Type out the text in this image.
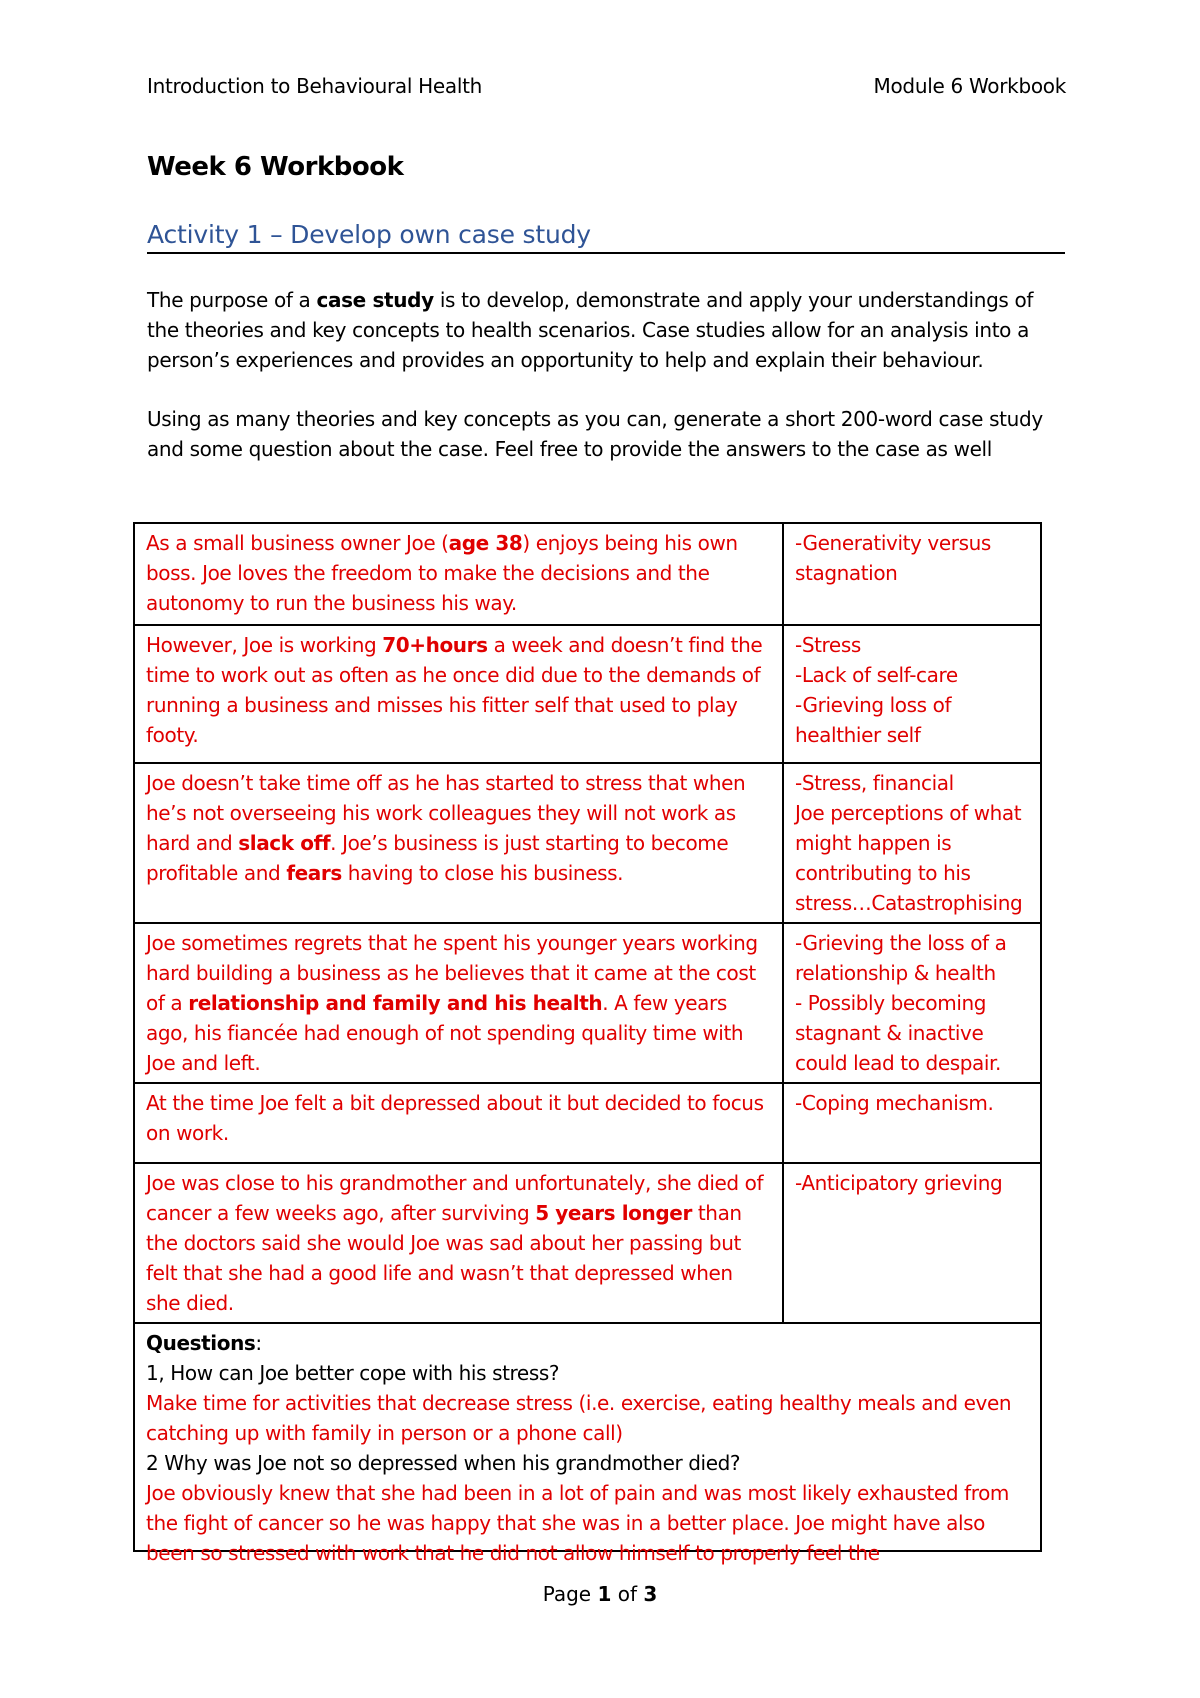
Introduction to Behavioural Health	Module 6 Workbook
Week 6 Workbook
Activity 1 – Develop own case study
The purpose of a case study is to develop, demonstrate and apply your understandings of the theories and key concepts to health scenarios. Case studies allow for an analysis into a person’s experiences and provides an opportunity to help and explain their behaviour.
Using as many theories and key concepts as you can, generate a short 200-word case study and some question about the case. Feel free to provide the answers to the case as well
As a small business owner Joe (age 38) enjoys being his own boss. Joe loves the freedom to make the decisions and the autonomy to run the business his way.	-Generativity versus stagnation
However, Joe is working 70+hours a week and doesn’t find the time to work out as often as he once did due to the demands of running a business and misses his fitter self that used to play footy.	-Stress
-Lack of self-care
-Grieving loss of healthier self

Joe doesn’t take time off as he has started to stress that when he’s not overseeing his work colleagues they will not work as hard and slack off. Joe’s business is just starting to become profitable and fears having to close his business.	-Stress, financial
Joe perceptions of what might happen is contributing to his stress…Catastrophising

Joe sometimes regrets that he spent his younger years working hard building a business as he believes that it came at the cost of a relationship and family and his health. A few years ago, his fiancée had enough of not spending quality time with Joe and left.	-Grieving the loss of a relationship & health
- Possibly becoming stagnant & inactive could lead to despair.

At the time Joe felt a bit depressed about it but decided to focus on work.	-Coping mechanism.
Joe was close to his grandmother and unfortunately, she died of cancer a few weeks ago, after surviving 5 years longer than the doctors said she would Joe was sad about her passing but felt that she had a good life and wasn’t that depressed when she died.	-Anticipatory grieving

Questions:
1, How can Joe better cope with his stress?
Make time for activities that decrease stress (i.e. exercise, eating healthy meals and even catching up with family in person or a phone call)
2 Why was Joe not so depressed when his grandmother died?
Joe obviously knew that she had been in a lot of pain and was most likely exhausted from the fight of cancer so he was happy that she was in a better place. Joe might have also been so stressed with work that he did not allow himself to properly feel the	
Page 1 of 3
